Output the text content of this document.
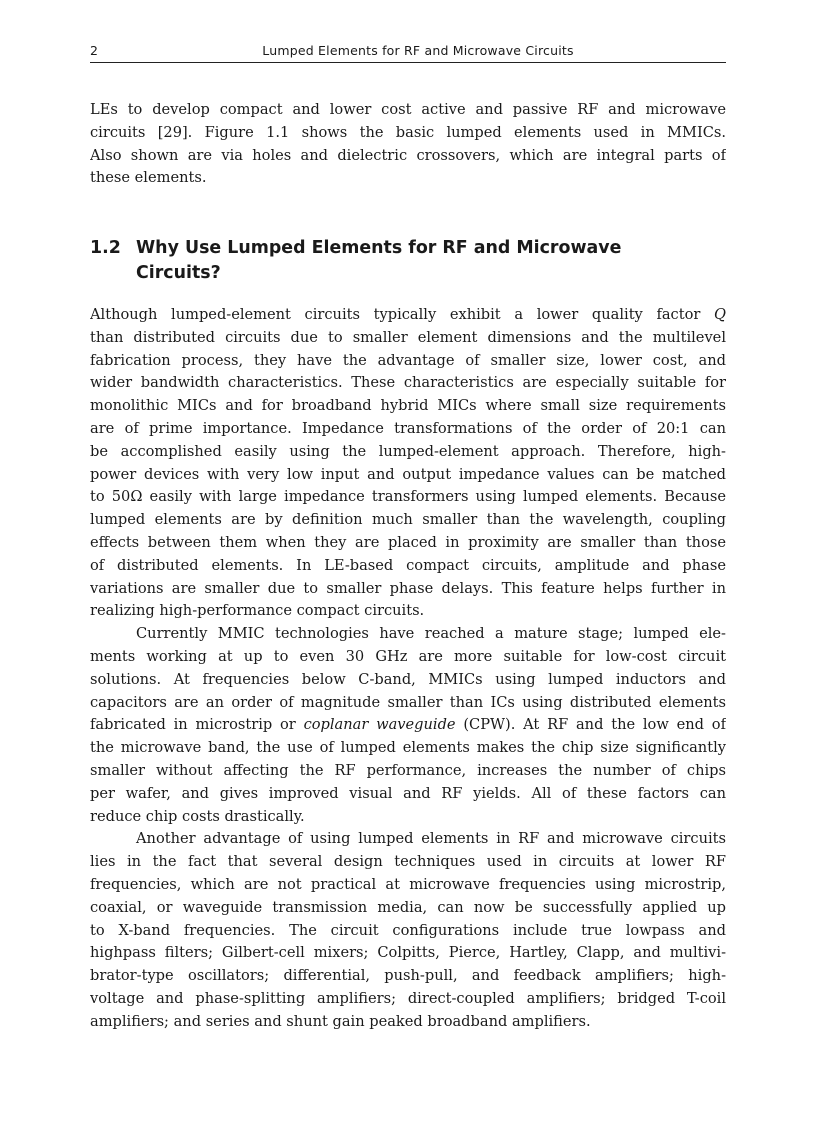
2	Lumped Elements for RF and Microwave Circuits
LEs to develop compact and lower cost active and passive RF and microwave
circuits [29]. Figure 1.1 shows the basic lumped elements used in MMICs.
Also shown are via holes and dielectric crossovers, which are integral parts of
these elements.
1.2 Why Use Lumped Elements for RF and Microwave
Circuits?
Although lumped-element circuits typically exhibit a lower quality factor Q
than distributed circuits due to smaller element dimensions and the multilevel
fabrication process, they have the advantage of smaller size, lower cost, and
wider bandwidth characteristics. These characteristics are especially suitable for
monolithic MICs and for broadband hybrid MICs where small size requirements
are of prime importance. Impedance transformations of the order of 20:1 can
be accomplished easily using the lumped-element approach. Therefore, high-
power devices with very low input and output impedance values can be matched
to 50Ω easily with large impedance transformers using lumped elements. Because
lumped elements are by definition much smaller than the wavelength, coupling
effects between them when they are placed in proximity are smaller than those
of distributed elements. In LE-based compact circuits, amplitude and phase
variations are smaller due to smaller phase delays. This feature helps further in
realizing high-performance compact circuits.
Currently MMIC technologies have reached a mature stage; lumped ele-
ments working at up to even 30 GHz are more suitable for low-cost circuit
solutions. At frequencies below C-band, MMICs using lumped inductors and
capacitors are an order of magnitude smaller than ICs using distributed elements
fabricated in microstrip or coplanar waveguide (CPW). At RF and the low end of
the microwave band, the use of lumped elements makes the chip size significantly
smaller without affecting the RF performance, increases the number of chips
per wafer, and gives improved visual and RF yields. All of these factors can
reduce chip costs drastically.
Another advantage of using lumped elements in RF and microwave circuits
lies in the fact that several design techniques used in circuits at lower RF
frequencies, which are not practical at microwave frequencies using microstrip,
coaxial, or waveguide transmission media, can now be successfully applied up
to X-band frequencies. The circuit configurations include true lowpass and
highpass filters; Gilbert-cell mixers; Colpitts, Pierce, Hartley, Clapp, and multivi-
brator-type oscillators; differential, push-pull, and feedback amplifiers; high-
voltage and phase-splitting amplifiers; direct-coupled amplifiers; bridged T-coil
amplifiers; and series and shunt gain peaked broadband amplifiers.
